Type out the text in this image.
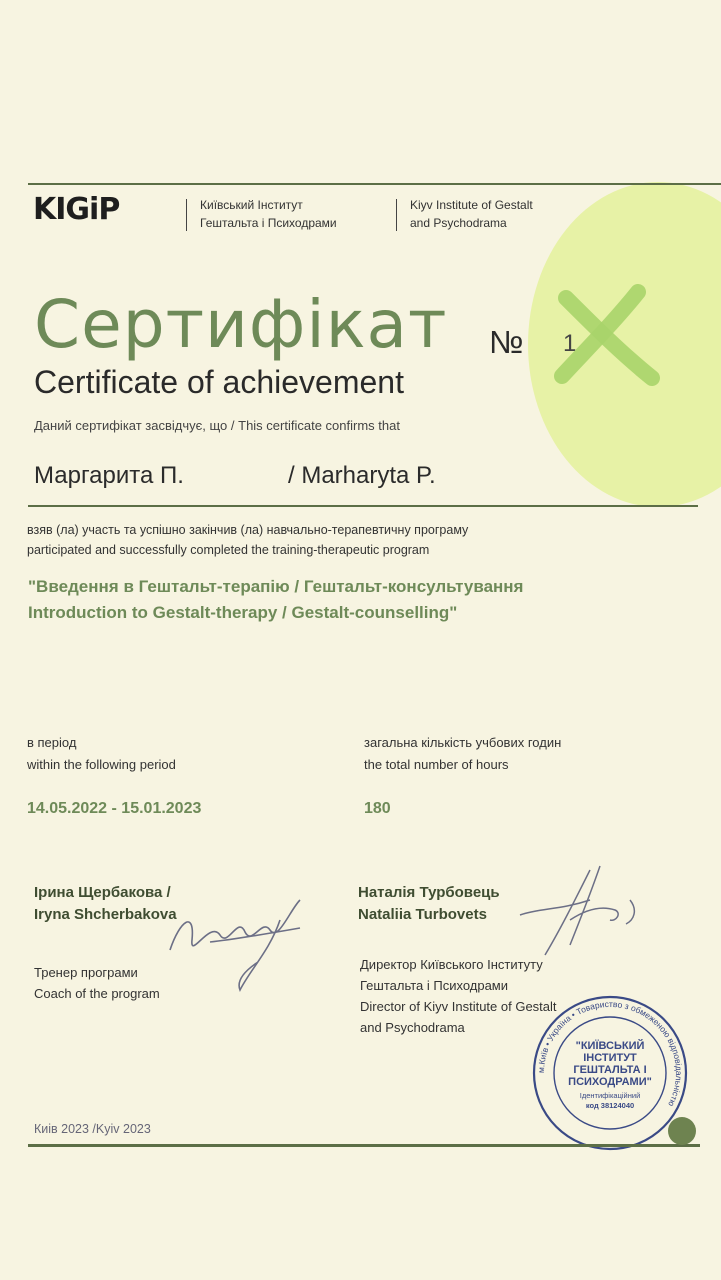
KIGiP	Київський Інститут
Гештальта і Психодрами
Kiyv Institute of Gestalt
and Psychodrama
Сертифікат № 1
Certificate of achievement
Даний сертифікат засвідчує, що / This certificate confirms that
Маргарита П.	/ Marharyta P.
взяв (ла) участь та успішно закінчив (ла) навчально-терапевтичну програму
participated and successfully completed the training-therapeutic program
"Введення в Гештальт-терапію / Гештальт-консультування
Introduction to Gestalt-therapy / Gestalt-counselling"
в період
within the following period
14.05.2022 - 15.01.2023
загальна кількість учбових годин
the total number of hours
180
Ірина Щербакова /
Iryna Shcherbakova
Тренер програми
Coach of the program
Наталія Турбовець
Nataliia Turbovets
Директор Київського Інституту
Гештальта і Психодрами
Director of Kiyv Institute of Gestalt
and Psychodrama
м.Київ • Україна • Товариство з обмеженою відповідальністю
"КИЇВСЬКИЙ
ІНСТИТУТ
ГЕШТАЛЬТА І
ПСИХОДРАМИ"
Ідентифікаційний
код 38124040
Киів 2023 /Kyiv 2023
